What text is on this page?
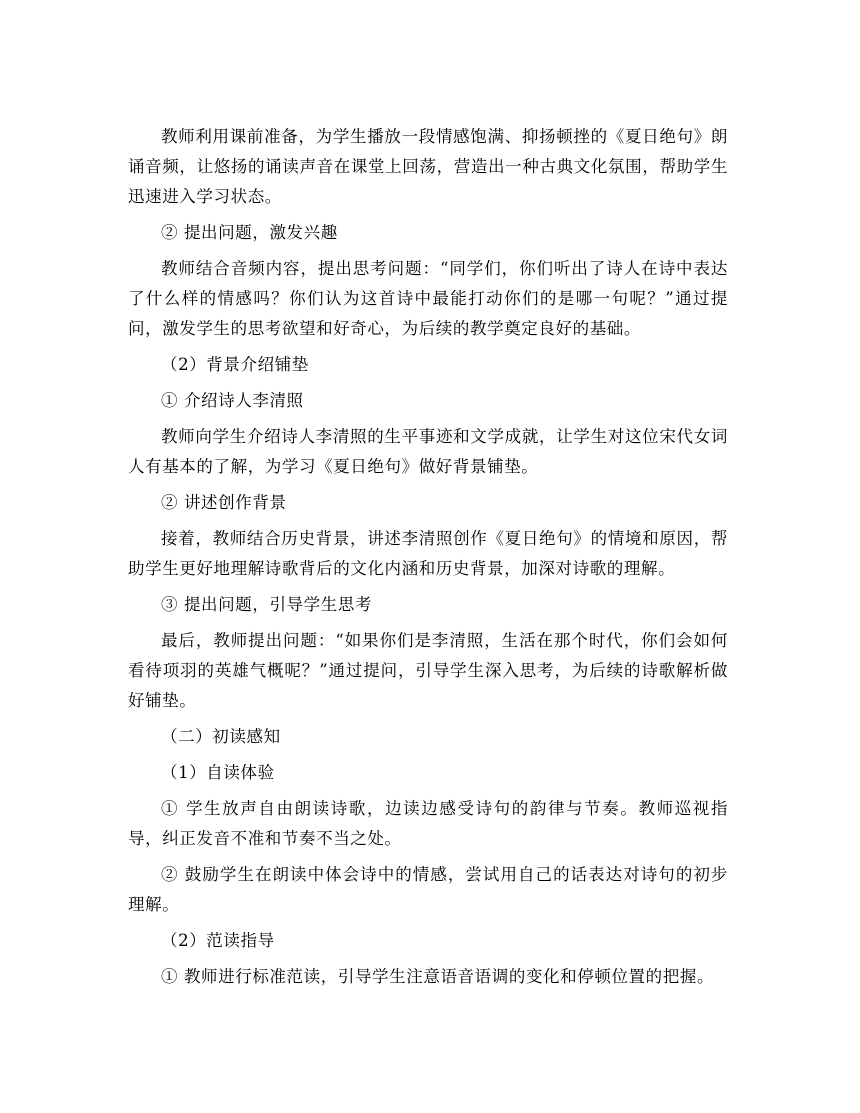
教师利用课前准备，为学生播放一段情感饱满、抑扬顿挫的《夏日绝句》朗诵音频，让悠扬的诵读声音在课堂上回荡，营造出一种古典文化氛围，帮助学生迅速进入学习状态。

② 提出问题，激发兴趣

教师结合音频内容，提出思考问题：“同学们，你们听出了诗人在诗中表达了什么样的情感吗？你们认为这首诗中最能打动你们的是哪一句呢？”通过提问，激发学生的思考欲望和好奇心，为后续的教学奠定良好的基础。

（2）背景介绍铺垫

① 介绍诗人李清照

教师向学生介绍诗人李清照的生平事迹和文学成就，让学生对这位宋代女词人有基本的了解，为学习《夏日绝句》做好背景铺垫。

② 讲述创作背景

接着，教师结合历史背景，讲述李清照创作《夏日绝句》的情境和原因，帮助学生更好地理解诗歌背后的文化内涵和历史背景，加深对诗歌的理解。

③ 提出问题，引导学生思考

最后，教师提出问题：“如果你们是李清照，生活在那个时代，你们会如何看待项羽的英雄气概呢？”通过提问，引导学生深入思考，为后续的诗歌解析做好铺垫。

（二）初读感知

（1）自读体验

① 学生放声自由朗读诗歌，边读边感受诗句的韵律与节奏。教师巡视指导，纠正发音不准和节奏不当之处。

② 鼓励学生在朗读中体会诗中的情感，尝试用自己的话表达对诗句的初步理解。

（2）范读指导

① 教师进行标准范读，引导学生注意语音语调的变化和停顿位置的把握。
